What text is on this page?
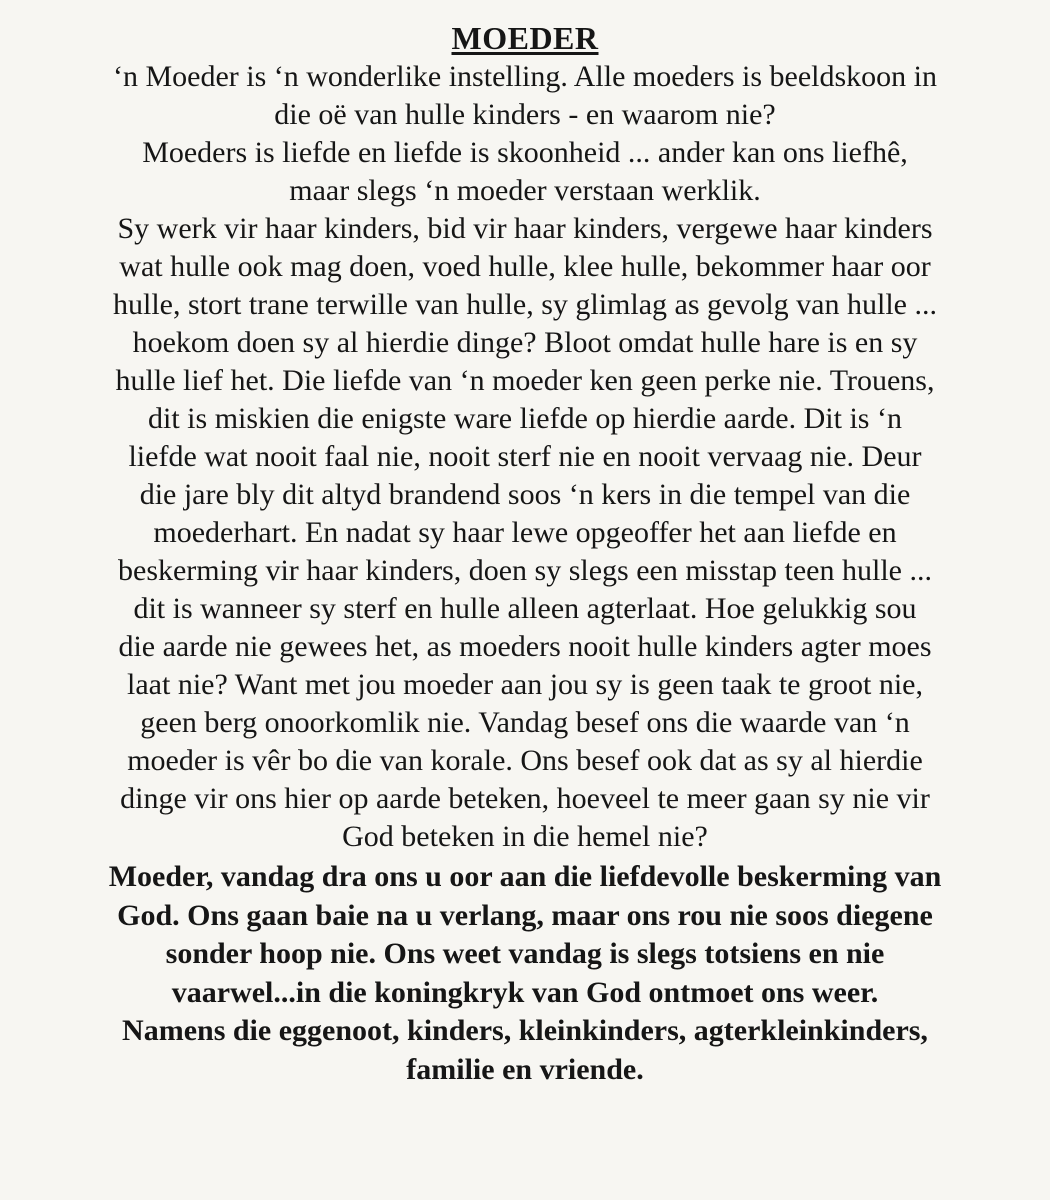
MOEDER

‘n Moeder is ‘n wonderlike instelling. Alle moeders is beeldskoon in

die oë van hulle kinders - en waarom nie?

Moeders is liefde en liefde is skoonheid ... ander kan ons liefhê,

maar slegs ‘n moeder verstaan werklik.

Sy werk vir haar kinders, bid vir haar kinders, vergewe haar kinders

wat hulle ook mag doen, voed hulle, klee hulle, bekommer haar oor

hulle, stort trane terwille van hulle, sy glimlag as gevolg van hulle ...

hoekom doen sy al hierdie dinge? Bloot omdat hulle hare is en sy

hulle lief het. Die liefde van ‘n moeder ken geen perke nie. Trouens,

dit is miskien die enigste ware liefde op hierdie aarde. Dit is ‘n

liefde wat nooit faal nie, nooit sterf nie en nooit vervaag nie. Deur

die jare bly dit altyd brandend soos ‘n kers in die tempel van die

moederhart. En nadat sy haar lewe opgeoffer het aan liefde en

beskerming vir haar kinders, doen sy slegs een misstap teen hulle ...

dit is wanneer sy sterf en hulle alleen agterlaat. Hoe gelukkig sou

die aarde nie gewees het, as moeders nooit hulle kinders agter moes

laat nie? Want met jou moeder aan jou sy is geen taak te groot nie,

geen berg onoorkomlik nie. Vandag besef ons die waarde van ‘n

moeder is vêr bo die van korale. Ons besef ook dat as sy al hierdie

dinge vir ons hier op aarde beteken, hoeveel te meer gaan sy nie vir

God beteken in die hemel nie?

Moeder, vandag dra ons u oor aan die liefdevolle beskerming van

God. Ons gaan baie na u verlang, maar ons rou nie soos diegene

sonder hoop nie. Ons weet vandag is slegs totsiens en nie

vaarwel...in die koningkryk van God ontmoet ons weer.

Namens die eggenoot, kinders, kleinkinders, agterkleinkinders,

familie en vriende.
